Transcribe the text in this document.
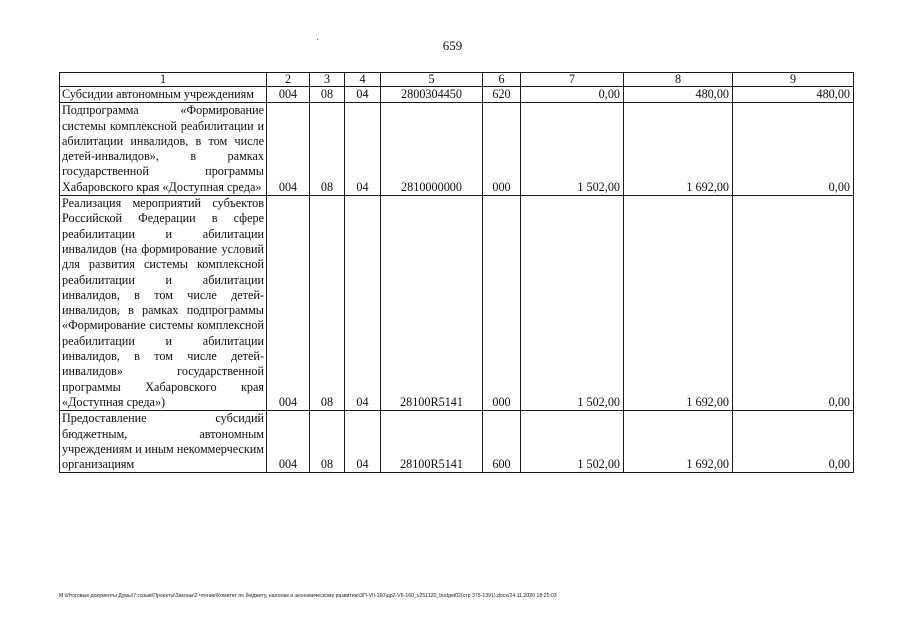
659
1	2	3	4	5	6	7	8	9
Субсидии автономным учреждениям	004	08	04	2800304450	620	0,00	480,00	480,00
Подпрограмма «Формирование системы комплексной реабилитации и абилитации инвалидов, в том числе детей-инвалидов», в рамках государственной программы Хабаровского края «Доступная среда»	004	08	04	2810000000	000	1 502,00	1 692,00	0,00
Реализация мероприятий субъектов Российской Федерации в сфере реабилитации и абилитации инвалидов (на формирование условий для развития системы комплексной реабилитации и абилитации инвалидов, в том числе детей-инвалидов, в рамках подпрограммы «Формирование системы комплексной реабилитации и абилитации инвалидов, в том числе детей-инвалидов» государственной программы Хабаровского края «Доступная среда»)	004	08	04	28100R5141	000	1 502,00	1 692,00	0,00
Предоставление субсидий бюджетным, автономным учреждениям и иным некоммерческим организациям	004	08	04	28100R5141	600	1 502,00	1 692,00	0,00
M:\Итоговые документы Думы\7 созыв\Проекты\Законы\2 чтение\Комитет по бюджету, налогам и экономическому развитию\ЗП-VII-160\др2-VII-160_v251120_budget02(стр 375-1391).docx/24.11.2020 18:25:03
